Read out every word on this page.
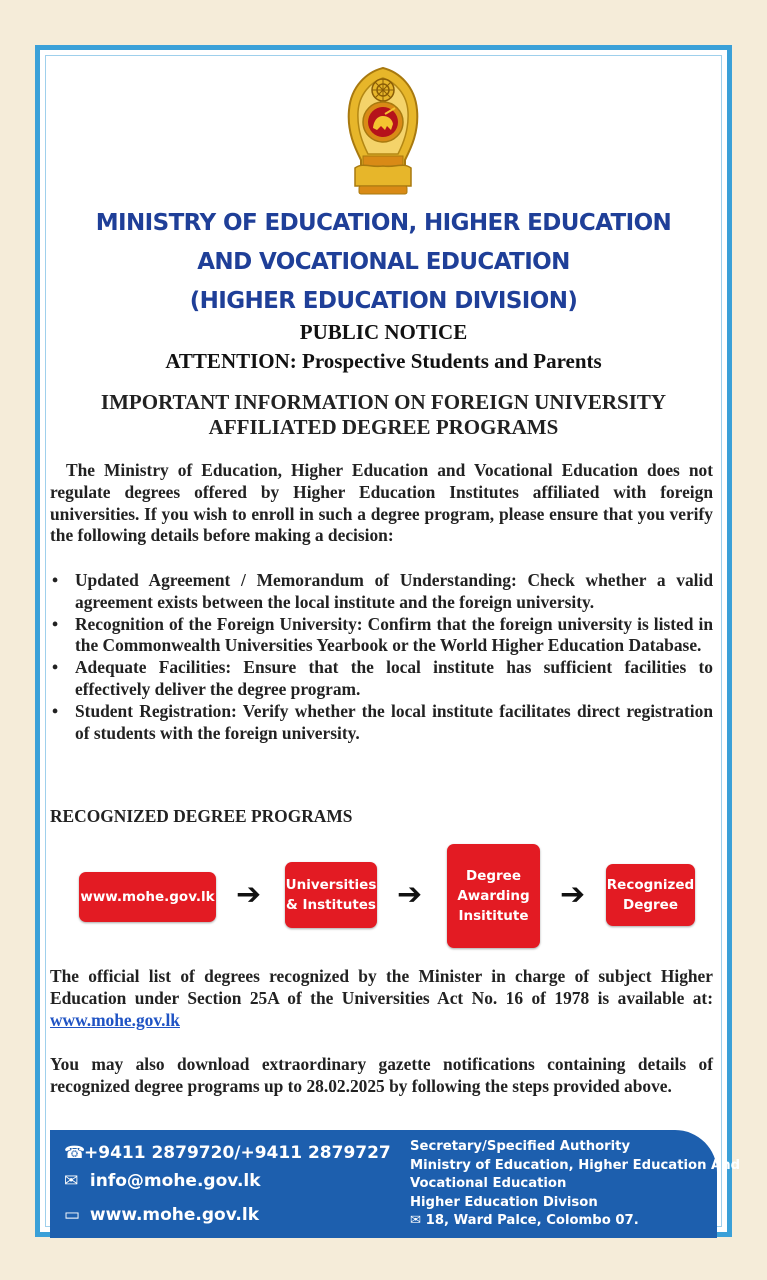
MINISTRY OF EDUCATION, HIGHER EDUCATION
AND VOCATIONAL EDUCATION
(HIGHER EDUCATION DIVISION)
PUBLIC NOTICE
ATTENTION: Prospective Students and Parents
IMPORTANT INFORMATION ON FOREIGN UNIVERSITY
AFFILIATED DEGREE PROGRAMS
The Ministry of Education, Higher Education and Vocational Education does not regulate degrees offered by Higher Education Institutes affiliated with foreign universities. If you wish to enroll in such a degree program, please ensure that you verify the following details before making a decision:
• Updated Agreement / Memorandum of Understanding: Check whether a valid agreement exists between the local institute and the foreign university.
• Recognition of the Foreign University: Confirm that the foreign university is listed in the Commonwealth Universities Yearbook or the World Higher Education Database.
• Adequate Facilities: Ensure that the local institute has sufficient facilities to effectively deliver the degree program.
• Student Registration: Verify whether the local institute facilitates direct registration of students with the foreign university.
RECOGNIZED DEGREE PROGRAMS
www.mohe.gov.lk ➔ Universities & Institutes ➔
Degree Awarding Insititute
➔ Recognized Degree
The official list of degrees recognized by the Minister in charge of subject Higher Education under Section 25A of the Universities Act No. 16 of 1978 is available at: www.mohe.gov.lk
You may also download extraordinary gazette notifications containing details of recognized degree programs up to 28.02.2025 by following the steps provided above.
☎+9411 2879720/+9411 2879727
✉ info@mohe.gov.lk
▭ www.mohe.gov.lk
Secretary/Specified Authority
Ministry of Education, Higher Education And
Vocational Education
Higher Education Divison
✉ 18, Ward Palce, Colombo 07.
